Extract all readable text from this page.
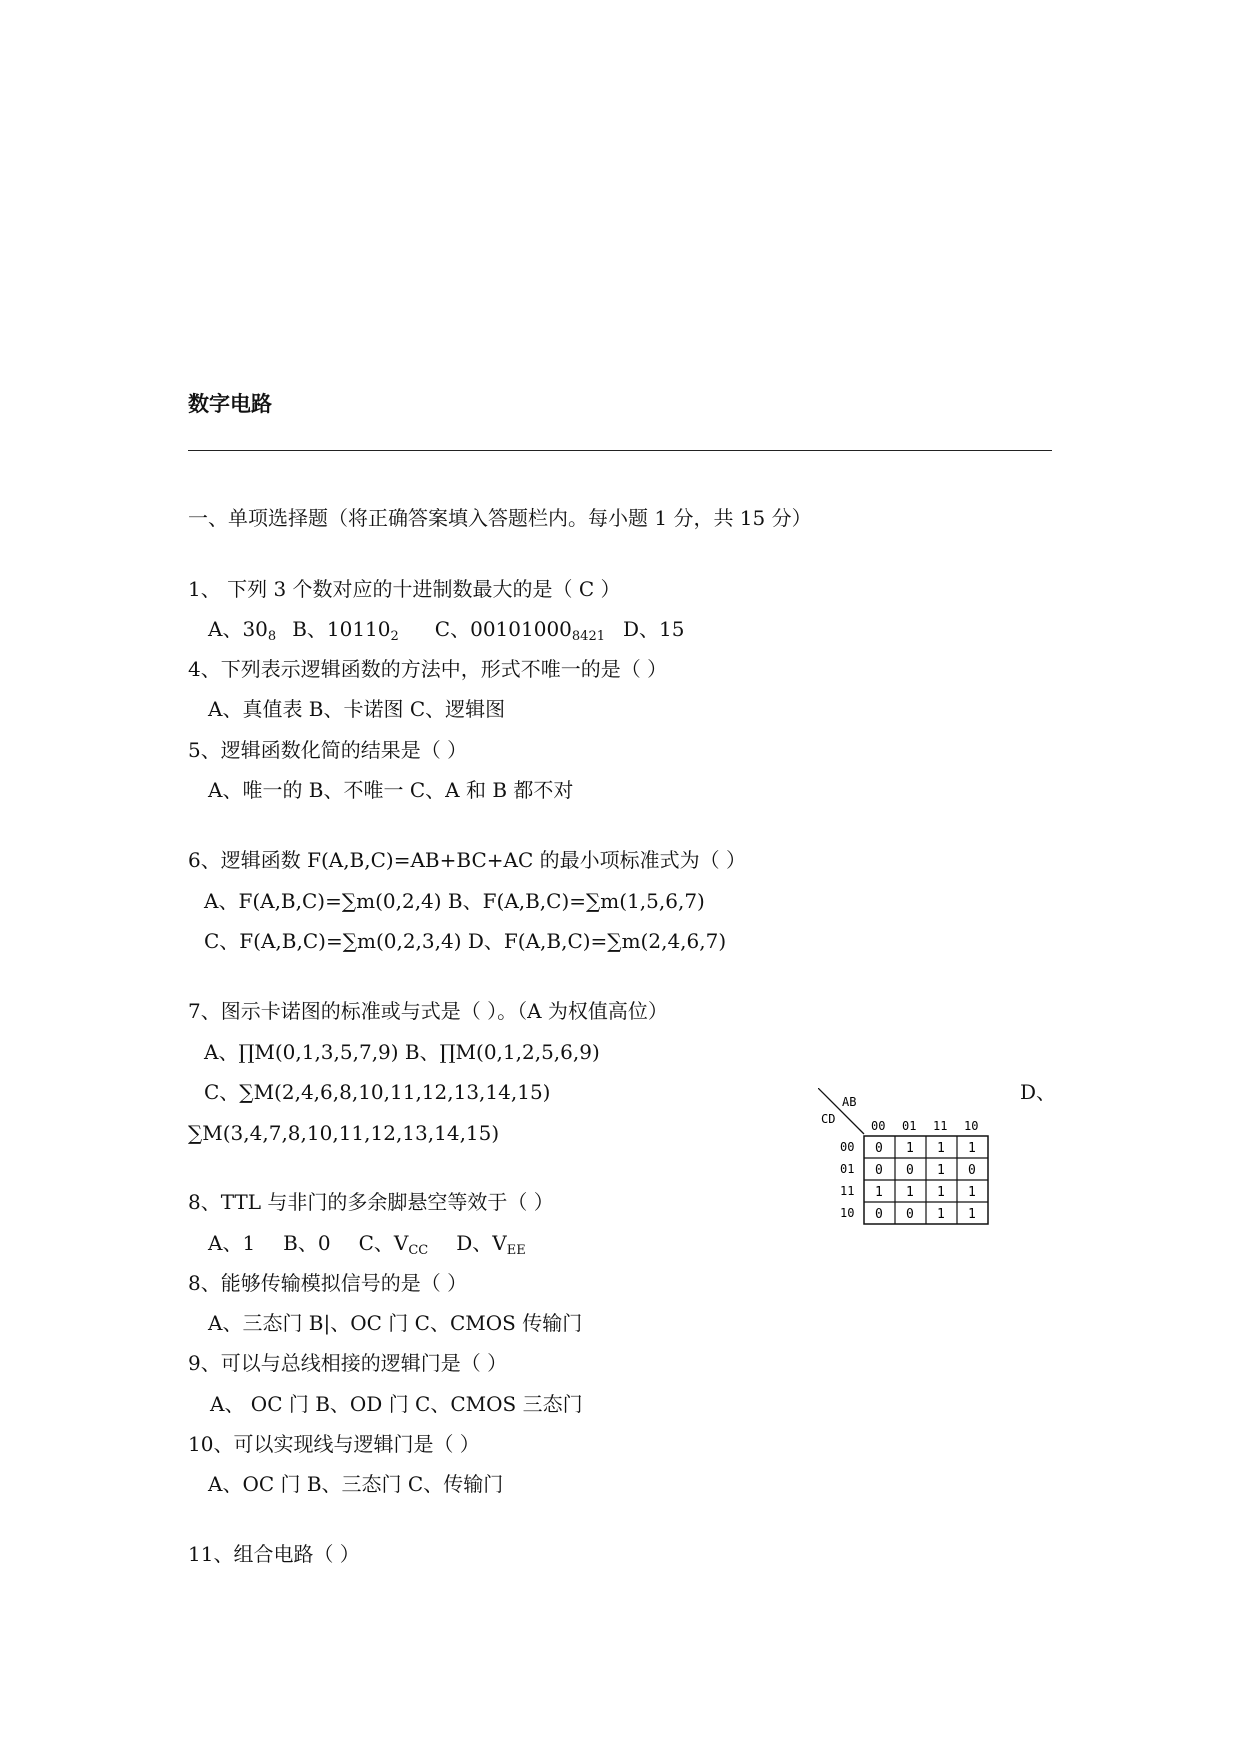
数字电路
一、单项选择题（将正确答案填入答题栏内。每小题 1 分，共 15 分）
1、 下列 3 个数对应的十进制数最大的是（ C ）
A、$30_8$ B、$10110_2$ C、$00101000_{8421}$ D、15
4、下列表示逻辑函数的方法中，形式不唯一的是（ ）
A、真值表 B、卡诺图 C、逻辑图
5、逻辑函数化简的结果是（ ）
A、唯一的 B、不唯一 C、A 和 B 都不对
6、逻辑函数 F(A,B,C)=AB+BC+AC 的最小项标准式为（ ）
A、F(A,B,C)=∑m(0,2,4) B、F(A,B,C)=∑m(1,5,6,7)
C、F(A,B,C)=∑m(0,2,3,4) D、F(A,B,C)=∑m(2,4,6,7)
7、图示卡诺图的标准或与式是（ ）。（A 为权值高位）
A、∏M(0,1,3,5,7,9) B、∏M(0,1,2,5,6,9)
C、∑M(2,4,6,8,10,11,12,13,14,15)	D、
∑M(3,4,7,8,10,11,12,13,14,15)
AB
CD	00 01 11 10
00
01
11
10
0 1 1 1
0 0 1 0
1 1 1 1
0 0 1 1
8、TTL 与非门的多余脚悬空等效于（ ）
A、1 B、0 C、$V_{CC}$ D、$V_{EE}$
8、能够传输模拟信号的是（ ）
A、三态门 B|、OC 门 C、CMOS 传输门
9、可以与总线相接的逻辑门是（ ）
A、 OC 门 B、OD 门 C、CMOS 三态门
10、可以实现线与逻辑门是（ ）
A、OC 门 B、三态门 C、传输门
11、组合电路（ ）
